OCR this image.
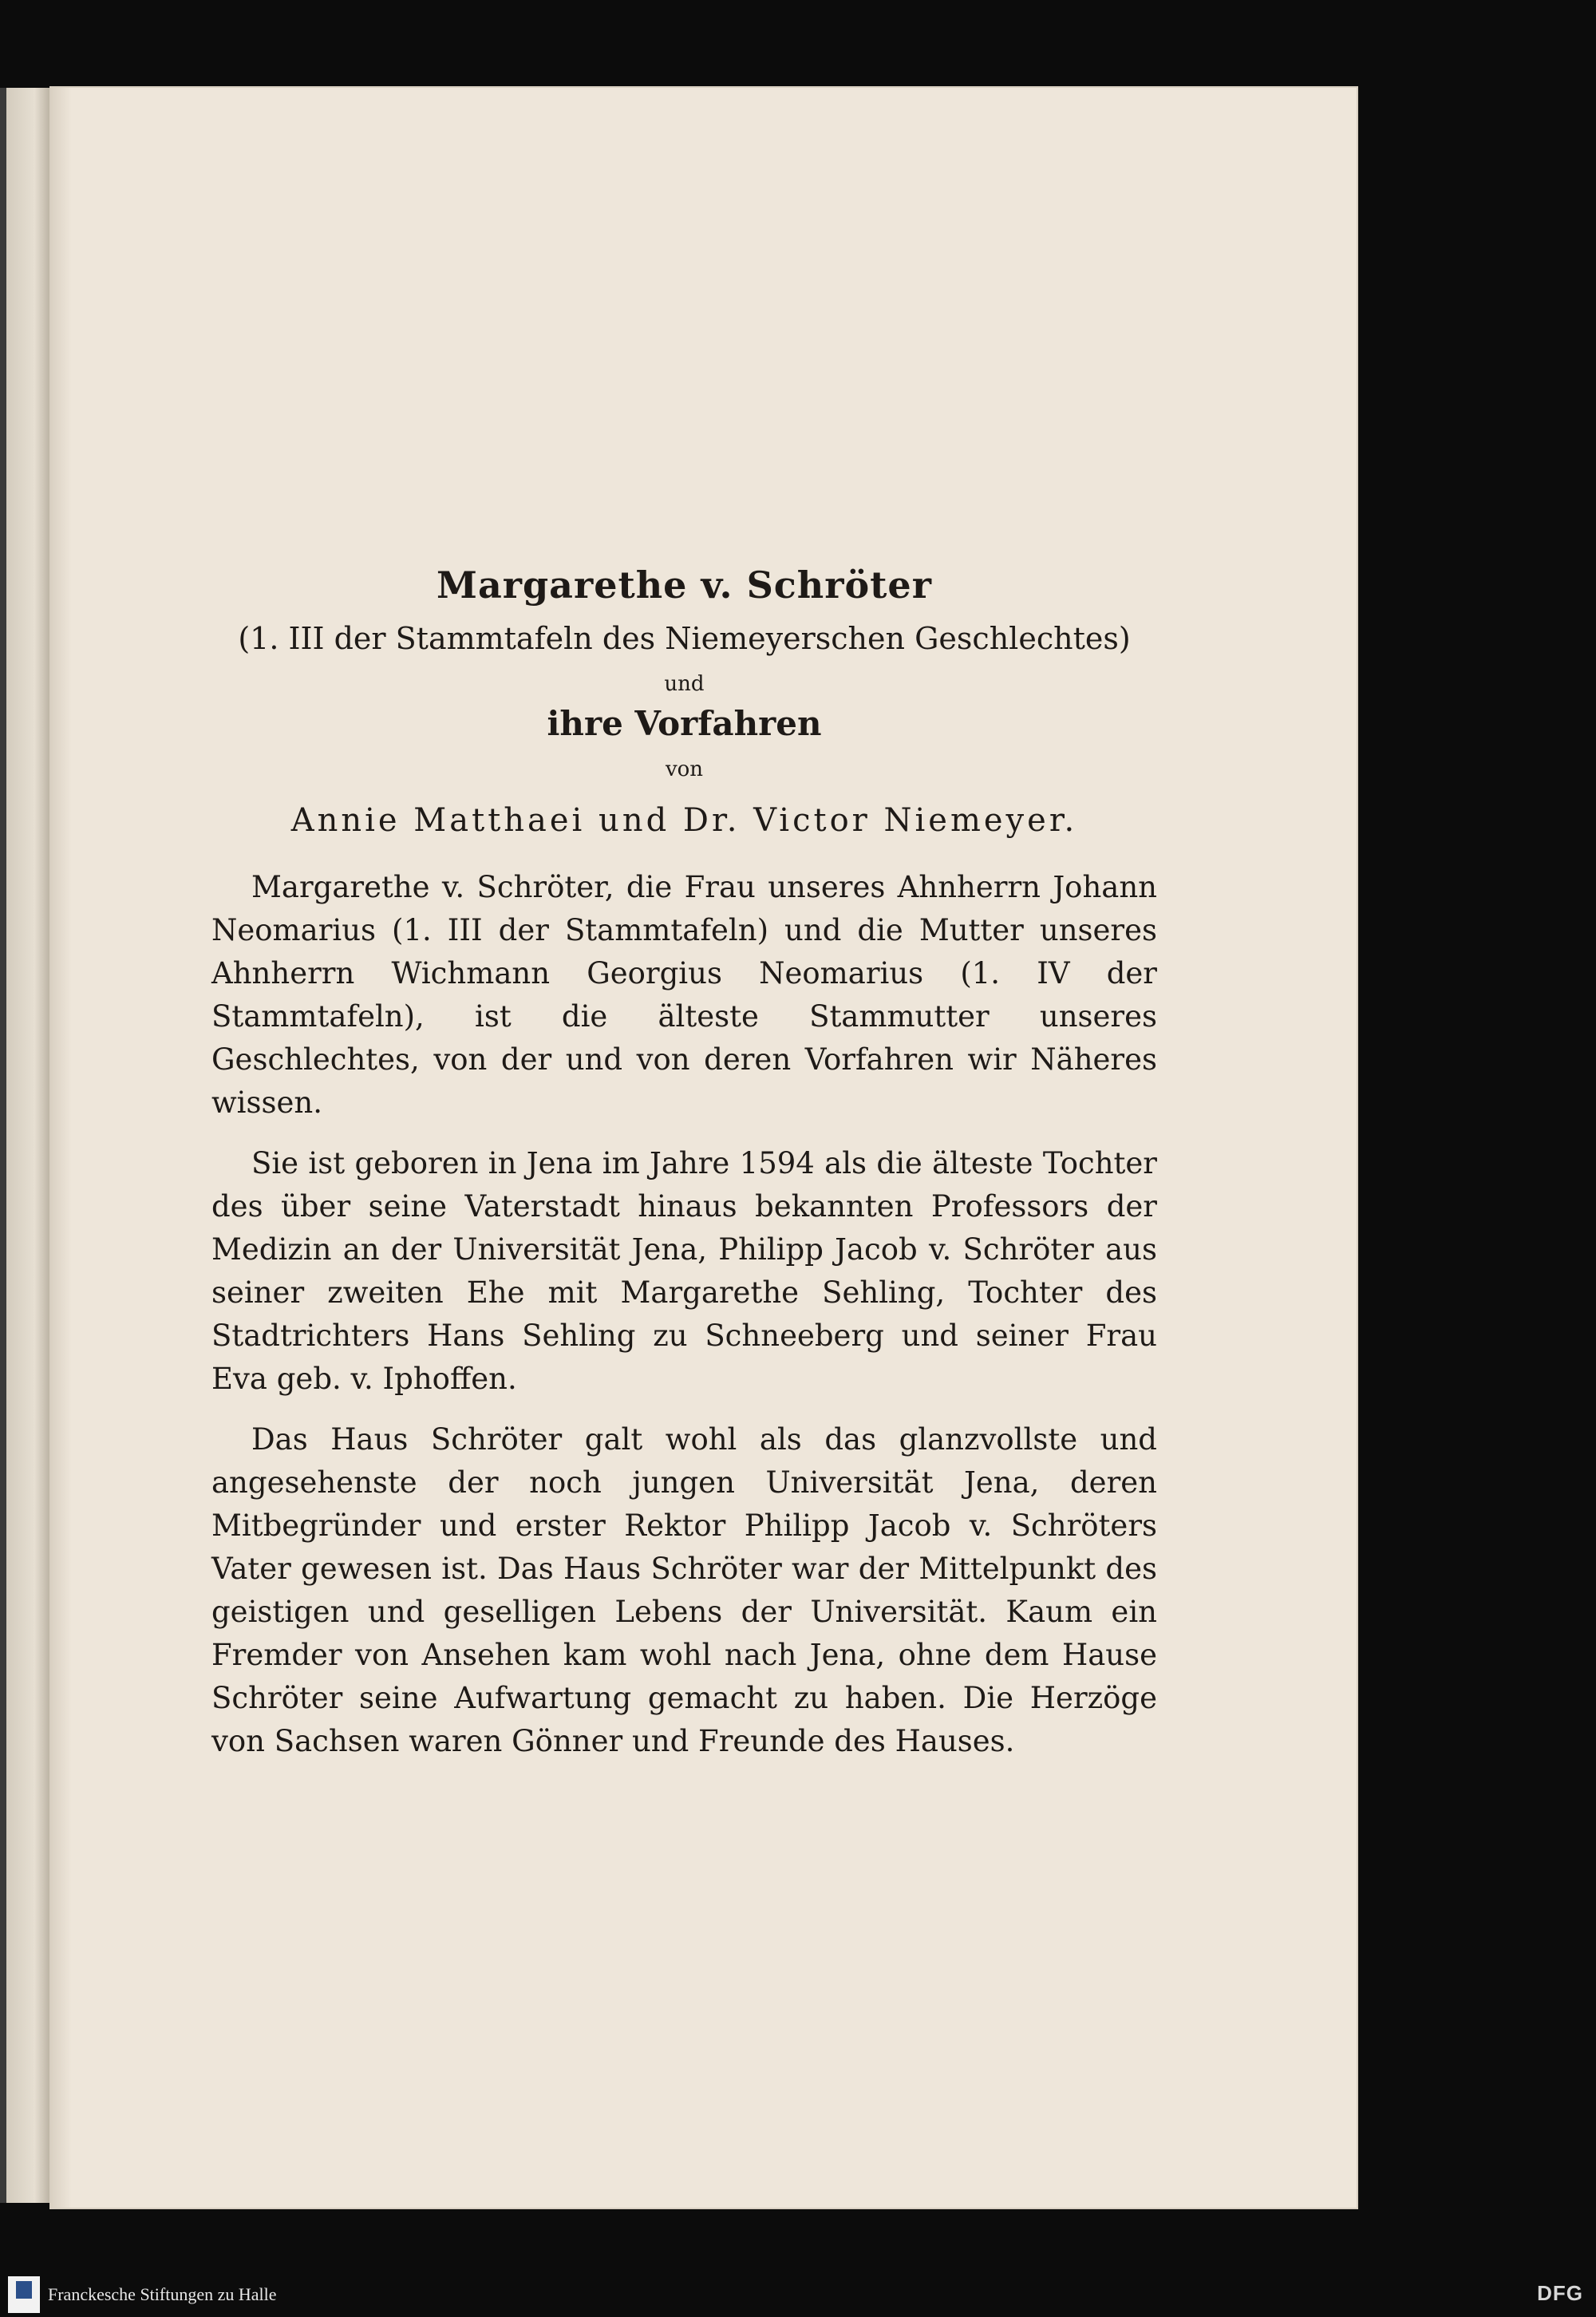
Margarethe v. Schröter

(1. III der Stammtafeln des Niemeyerschen Geschlechtes)

und

ihre Vorfahren

von

Annie Matthaei und Dr. Victor Niemeyer.

Margarethe v. Schröter, die Frau unseres Ahnherrn Johann Neomarius (1. III der Stammtafeln) und die Mutter unseres Ahnherrn Wichmann Georgius Neomarius (1. IV der Stammtafeln), ist die älteste Stammutter unseres Geschlechtes, von der und von deren Vorfahren wir Näheres wissen.

Sie ist geboren in Jena im Jahre 1594 als die älteste Tochter des über seine Vaterstadt hinaus bekannten Professors der Medizin an der Universität Jena, Philipp Jacob v. Schröter aus seiner zweiten Ehe mit Margarethe Sehling, Tochter des Stadtrichters Hans Sehling zu Schneeberg und seiner Frau Eva geb. v. Iphoffen.

Das Haus Schröter galt wohl als das glanzvollste und angesehenste der noch jungen Universität Jena, deren Mitbegründer und erster Rektor Philipp Jacob v. Schröters Vater gewesen ist. Das Haus Schröter war der Mittelpunkt des geistigen und geselligen Lebens der Universität. Kaum ein Fremder von Ansehen kam wohl nach Jena, ohne dem Hause Schröter seine Aufwartung gemacht zu haben. Die Herzöge von Sachsen waren Gönner und Freunde des Hauses.

Franckesche Stiftungen zu Halle	DFG
